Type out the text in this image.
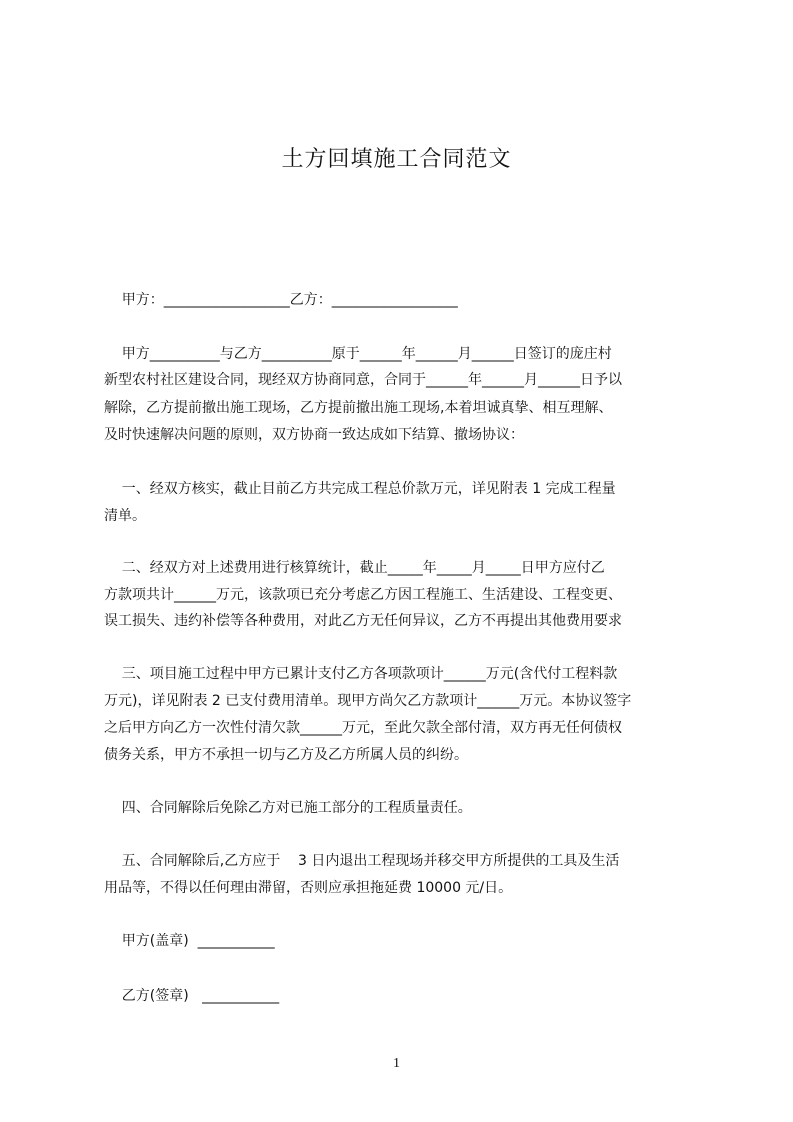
土方回填施工合同范文
甲方：__________________乙方：__________________
甲方__________与乙方__________原于______年______月______日签订的庞庄村
新型农村社区建设合同，现经双方协商同意，合同于______年______月______日予以
解除，乙方提前撤出施工现场，乙方提前撤出施工现场,本着坦诚真挚、相互理解、
及时快速解决问题的原则，双方协商一致达成如下结算、撤场协议：
一、经双方核实，截止目前乙方共完成工程总价款万元，详见附表 1 完成工程量
清单。
二、经双方对上述费用进行核算统计，截止_____年_____月_____日甲方应付乙
方款项共计______万元，该款项已充分考虑乙方因工程施工、生活建设、工程变更、
误工损失、违约补偿等各种费用，对此乙方无任何异议，乙方不再提出其他费用要求
三、项目施工过程中甲方已累计支付乙方各项款项计______万元(含代付工程料款
万元)，详见附表 2 已支付费用清单。现甲方尚欠乙方款项计______万元。本协议签字
之后甲方向乙方一次性付清欠款______万元，至此欠款全部付清，双方再无任何债权
债务关系，甲方不承担一切与乙方及乙方所属人员的纠纷。
四、合同解除后免除乙方对已施工部分的工程质量责任。
五、合同解除后,乙方应于    3 日内退出工程现场并移交甲方所提供的工具及生活
用品等，不得以任何理由滞留，否则应承担拖延费 10000 元/日。
甲方(盖章)  ___________
乙方(签章)   ___________
1
